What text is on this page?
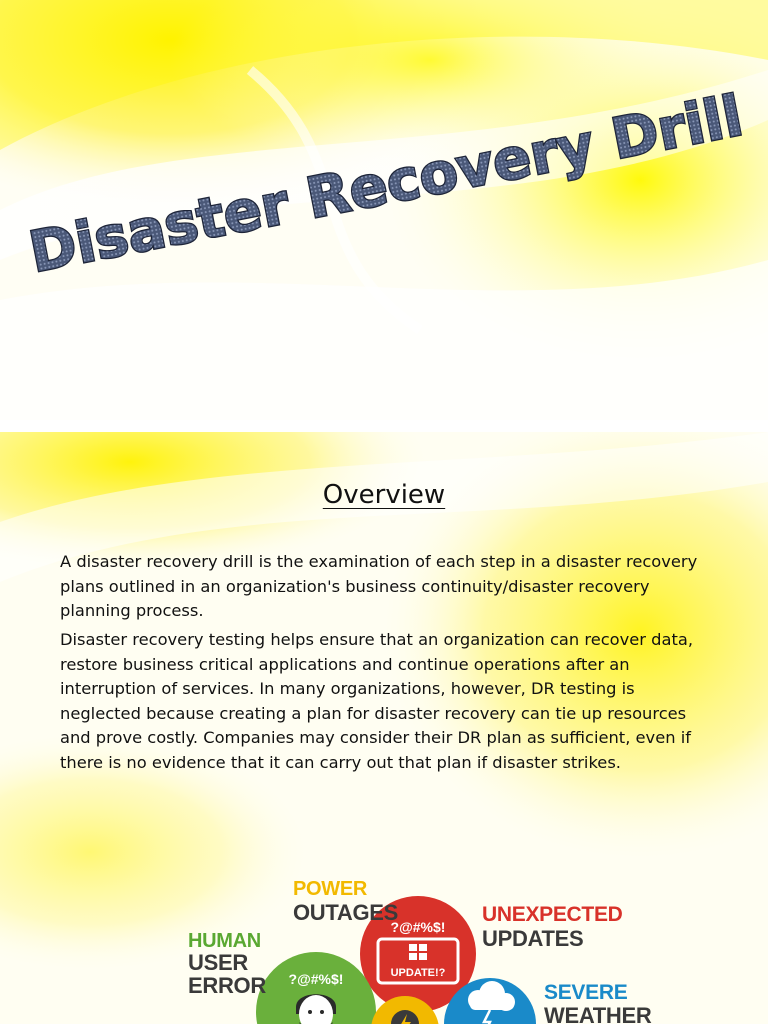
Disaster Recovery Drill
Overview

A disaster recovery drill is the examination of each step in a disaster recovery plans outlined in an organization's business continuity/disaster recovery planning process.

Disaster recovery testing helps ensure that an organization can recover data, restore business critical applications and continue operations after an interruption of services. In many organizations, however, DR testing is neglected because creating a plan for disaster recovery can tie up resources and prove costly. Companies may consider their DR plan as sufficient, even if there is no evidence that it can carry out that plan if disaster strikes.

?@#%$!
UPDATE!?
?@#%$!
POWER
OUTAGES
HUMAN
USER
ERROR
UNEXPECTED
UPDATES
SEVERE
WEATHER
